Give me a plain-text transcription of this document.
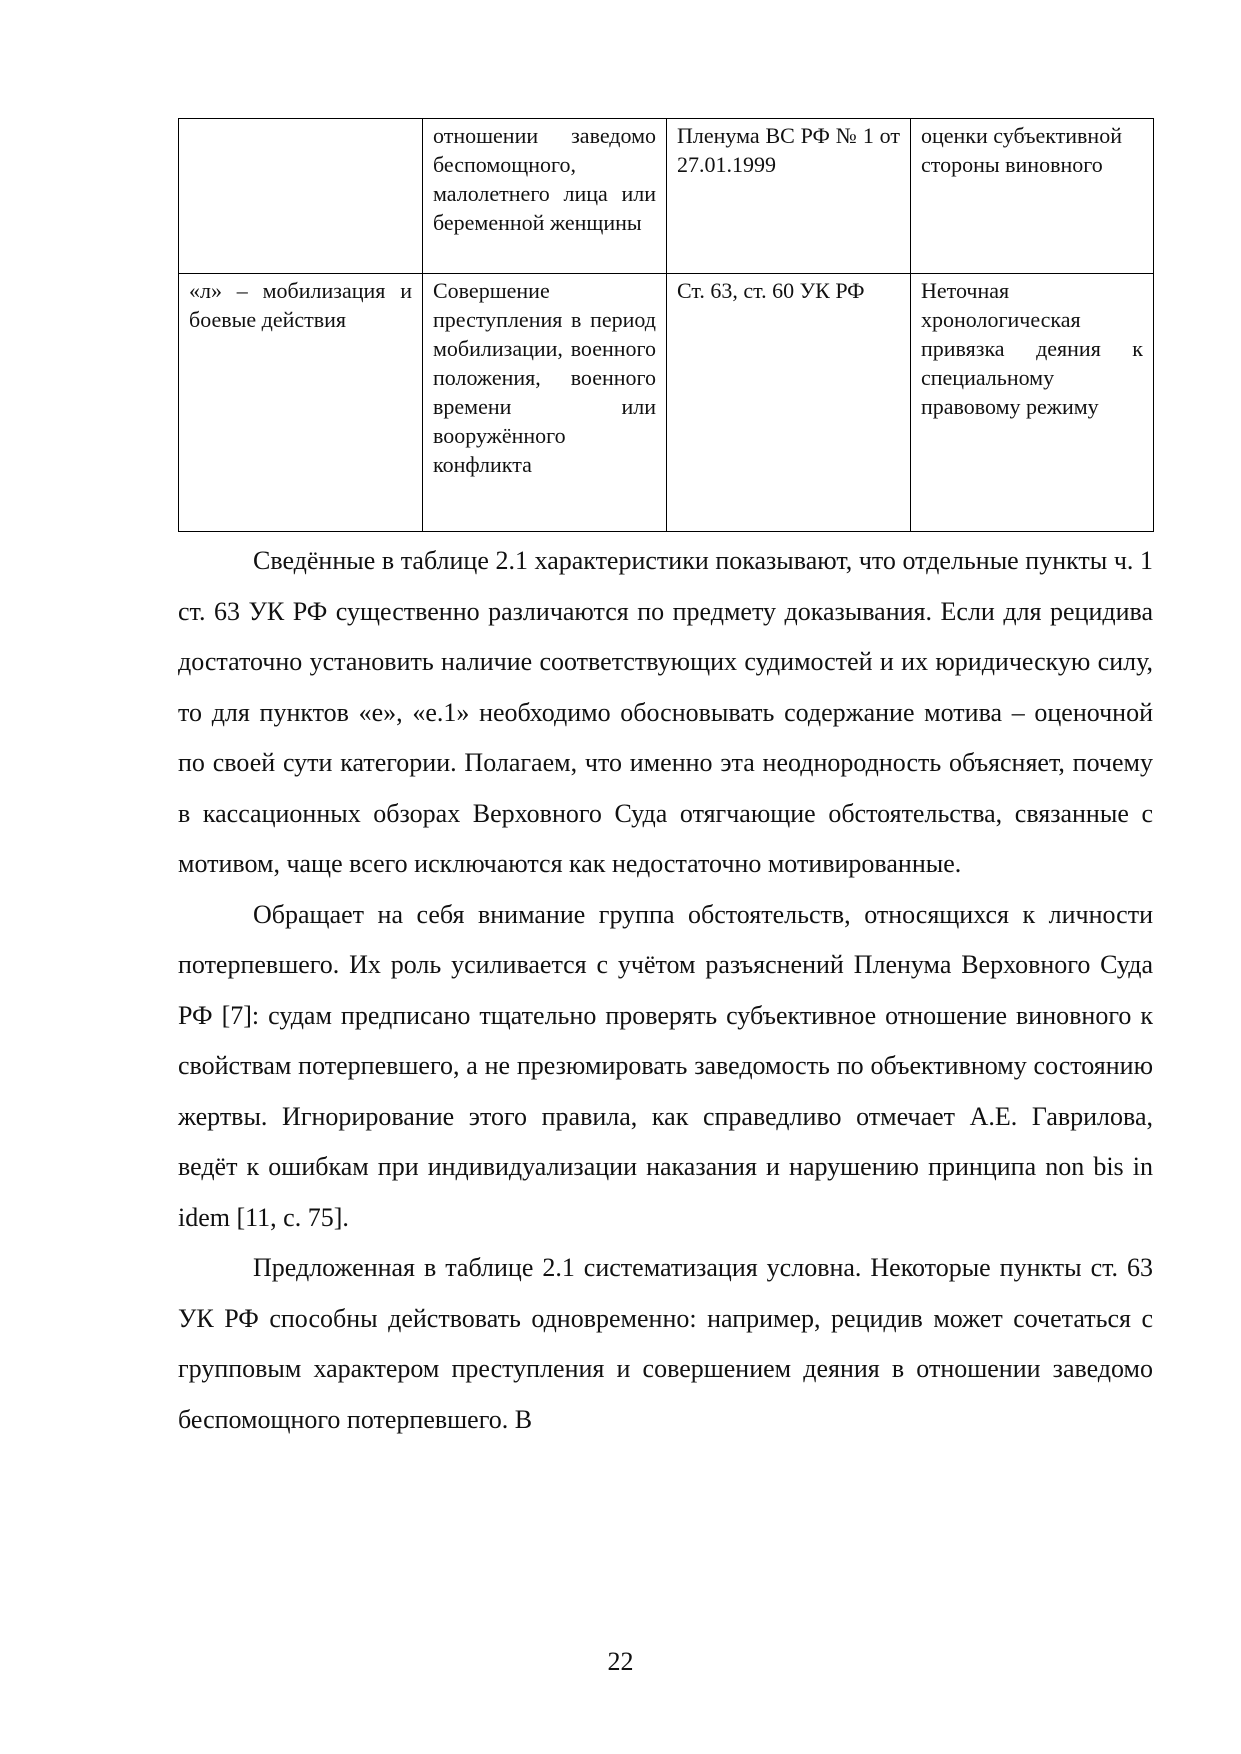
	отношении заведомо беспомощного, малолетнего лица или беременной женщины	Пленума ВС РФ № 1 от 27.01.1999	оценки субъективной стороны виновного

«л» – мобилизация и боевые действия	Совершение преступления в период мобилизации, военного положения, военного времени или вооружённого конфликта	Ст. 63, ст. 60 УК РФ	Неточная хронологическая привязка деяния к специальному правовому режиму

Сведённые в таблице 2.1 характеристики показывают, что отдельные пункты ч. 1 ст. 63 УК РФ существенно различаются по предмету доказывания. Если для рецидива достаточно установить наличие соответствующих судимостей и их юридическую силу, то для пунктов «е», «е.1» необходимо обосновывать содержание мотива – оценочной по своей сути категории. Полагаем, что именно эта неоднородность объясняет, почему в кассационных обзорах Верховного Суда отягчающие обстоятельства, связанные с мотивом, чаще всего исключаются как недостаточно мотивированные.

Обращает на себя внимание группа обстоятельств, относящихся к личности потерпевшего. Их роль усиливается с учётом разъяснений Пленума Верховного Суда РФ [7]: судам предписано тщательно проверять субъективное отношение виновного к свойствам потерпевшего, а не презюмировать заведомость по объективному состоянию жертвы. Игнорирование этого правила, как справедливо отмечает А.Е. Гаврилова, ведёт к ошибкам при индивидуализации наказания и нарушению принципа non bis in idem [11, с. 75].

Предложенная в таблице 2.1 систематизация условна. Некоторые пункты ст. 63 УК РФ способны действовать одновременно: например, рецидив может сочетаться с групповым характером преступления и совершением деяния в отношении заведомо беспомощного потерпевшего. В

22
